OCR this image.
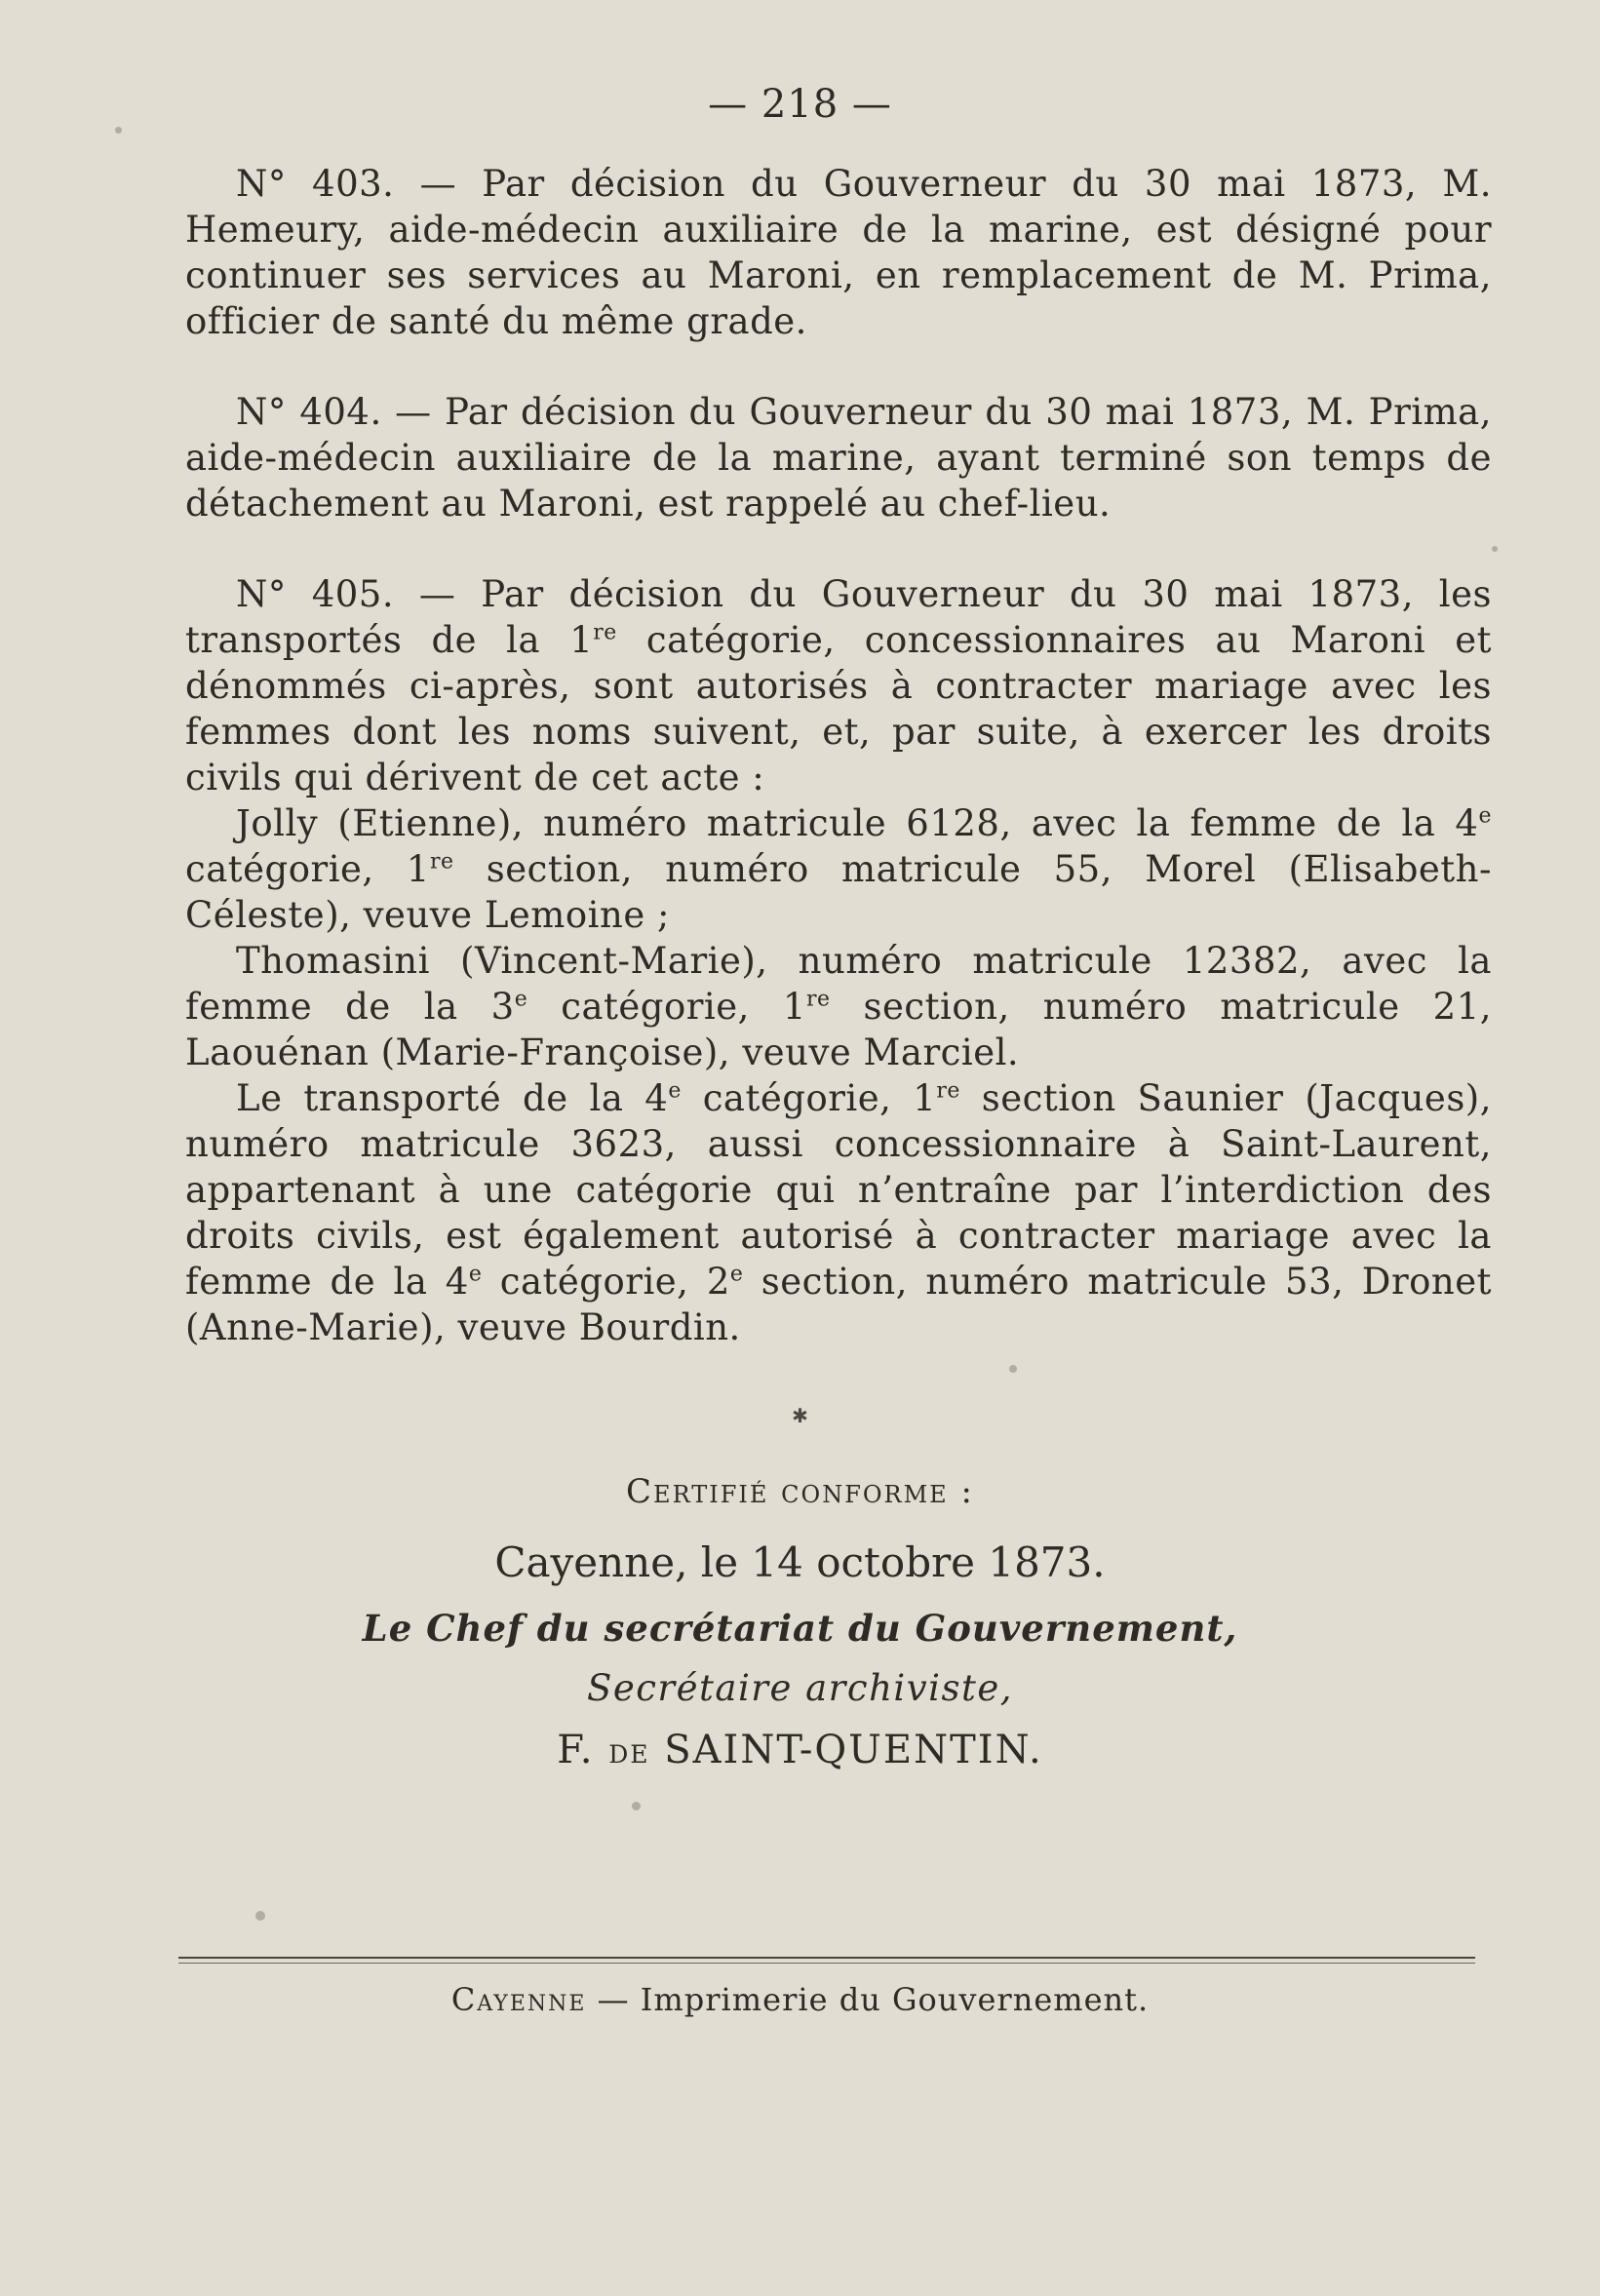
— 218 —

N° 403. — Par décision du Gouverneur du 30 mai 1873, M. Hemeury, aide-médecin auxiliaire de la marine, est désigné pour continuer ses services au Maroni, en remplacement de M. Prima, officier de santé du même grade.

N° 404. — Par décision du Gouverneur du 30 mai 1873, M. Prima, aide-médecin auxiliaire de la marine, ayant terminé son temps de détachement au Maroni, est rappelé au chef-lieu.

N° 405. — Par décision du Gouverneur du 30 mai 1873, les transportés de la 1re catégorie, concessionnaires au Maroni et dénommés ci-après, sont autorisés à contracter mariage avec les femmes dont les noms suivent, et, par suite, à exercer les droits civils qui dérivent de cet acte :

Jolly (Etienne), numéro matricule 6128, avec la femme de la 4e catégorie, 1re section, numéro matricule 55, Morel (Elisabeth-Céleste), veuve Lemoine ;

Thomasini (Vincent-Marie), numéro matricule 12382, avec la femme de la 3e catégorie, 1re section, numéro matricule 21, Laouénan (Marie-Françoise), veuve Marciel.

Le transporté de la 4e catégorie, 1re section Saunier (Jacques), numéro matricule 3623, aussi concessionnaire à Saint-Laurent, appartenant à une catégorie qui n’entraîne par l’interdiction des droits civils, est également autorisé à contracter mariage avec la femme de la 4e catégorie, 2e section, numéro matricule 53, Dronet (Anne-Marie), veuve Bourdin.

✱
Certifié conforme :
Cayenne, le 14 octobre 1873.
Le Chef du secrétariat du Gouvernement,
Secrétaire archiviste,
F. de SAINT-QUENTIN.
Cayenne — Imprimerie du Gouvernement.
